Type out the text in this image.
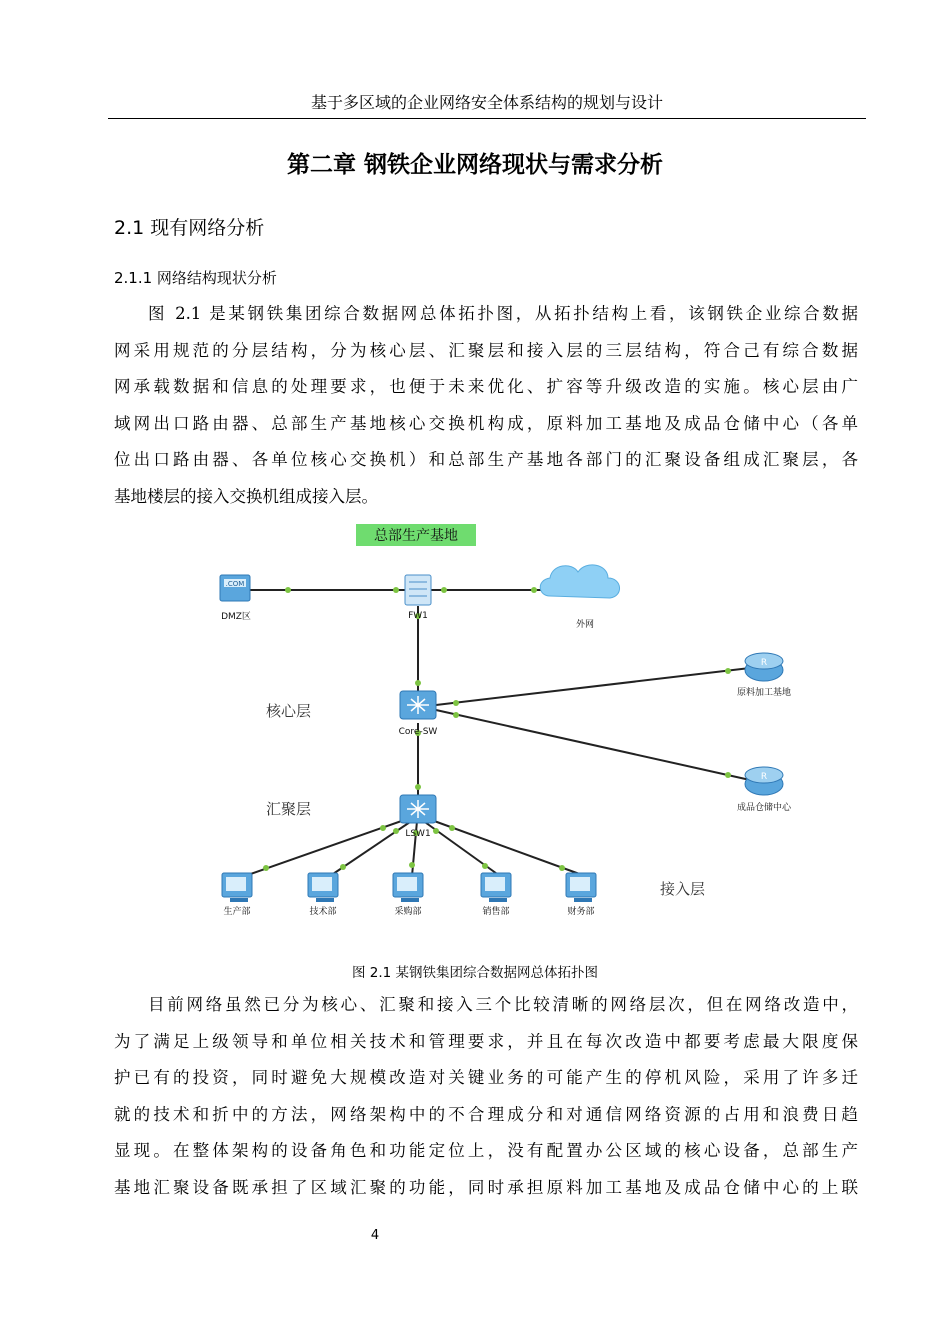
基于多区域的企业网络安全体系结构的规划与设计
第二章 钢铁企业网络现状与需求分析
2.1 现有网络分析
2.1.1 网络结构现状分析
图 2.1 是某钢铁集团综合数据网总体拓扑图，从拓扑结构上看，该钢铁企业综合数据
网采用规范的分层结构，分为核心层、汇聚层和接入层的三层结构，符合己有综合数据
网承载数据和信息的处理要求，也便于未来优化、扩容等升级改造的实施。核心层由广
域网出口路由器、总部生产基地核心交换机构成，原料加工基地及成品仓储中心（各单
位出口路由器、各单位核心交换机）和总部生产基地各部门的汇聚设备组成汇聚层，各
基地楼层的接入交换机组成接入层。
总部生产基地
.COM
DMZ区	FW1
外网
Core-SW
R
原料加工基地
R
成品仓储中心
LSW1
生产部	技术部	采购部	销售部	财务部
核心层
汇聚层
接入层
图 2.1 某钢铁集团综合数据网总体拓扑图
目前网络虽然已分为核心、汇聚和接入三个比较清晰的网络层次，但在网络改造中，
为了满足上级领导和单位相关技术和管理要求，并且在每次改造中都要考虑最大限度保
护已有的投资，同时避免大规模改造对关键业务的可能产生的停机风险，采用了许多迁
就的技术和折中的方法，网络架构中的不合理成分和对通信网络资源的占用和浪费日趋
显现。在整体架构的设备角色和功能定位上，没有配置办公区域的核心设备，总部生产
基地汇聚设备既承担了区域汇聚的功能，同时承担原料加工基地及成品仓储中心的上联
4
